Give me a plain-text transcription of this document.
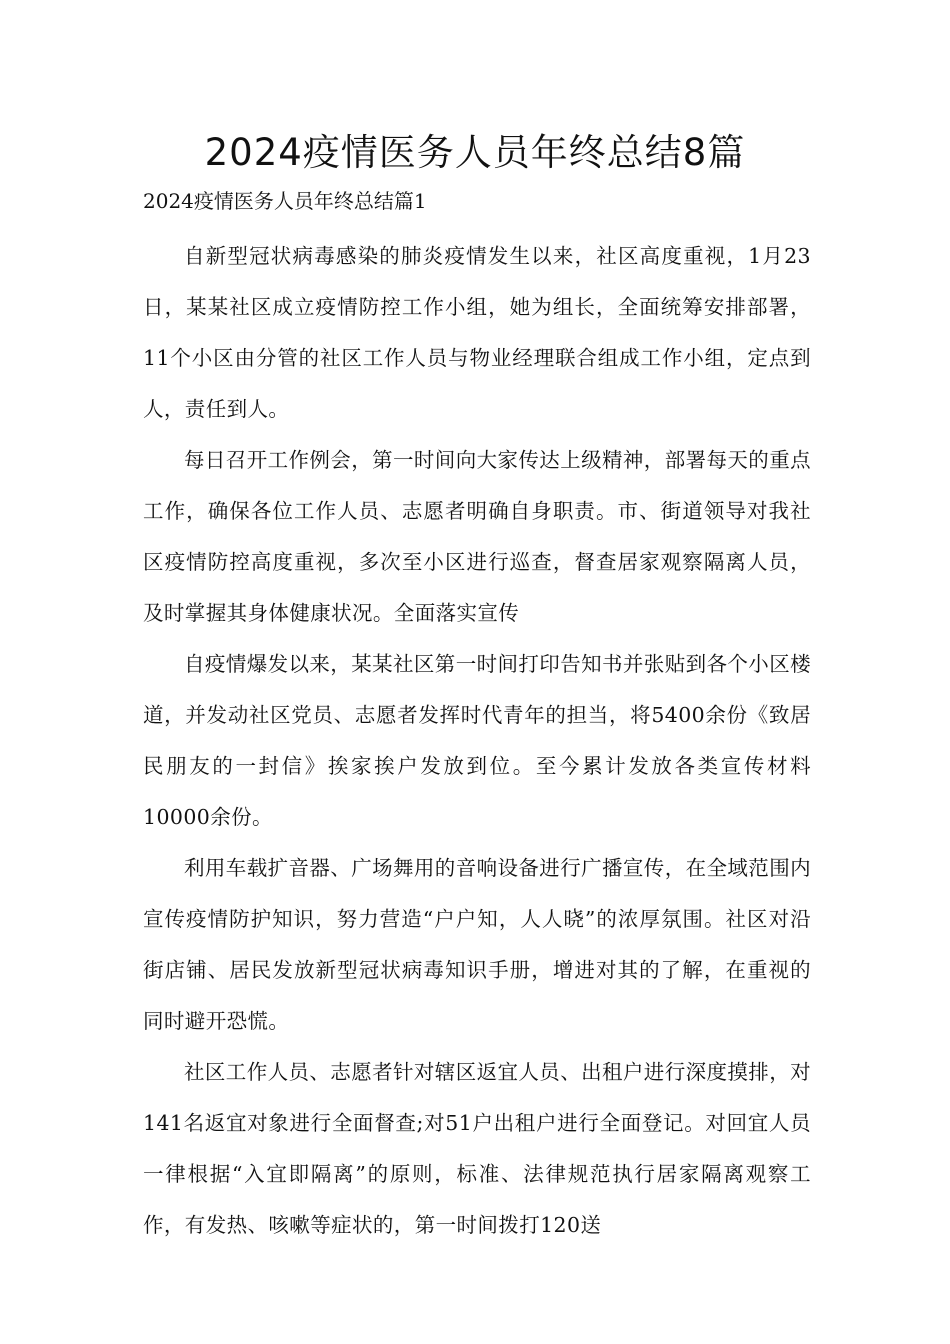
2024疫情医务人员年终总结8篇
2024疫情医务人员年终总结篇1

自新型冠状病毒感染的肺炎疫情发生以来，社区高度重视，1月23日，某某社区成立疫情防控工作小组，她为组长，全面统筹安排部署，11个小区由分管的社区工作人员与物业经理联合组成工作小组，定点到人，责任到人。

每日召开工作例会，第一时间向大家传达上级精神，部署每天的重点工作，确保各位工作人员、志愿者明确自身职责。市、街道领导对我社区疫情防控高度重视，多次至小区进行巡查，督查居家观察隔离人员，及时掌握其身体健康状况。全面落实宣传

自疫情爆发以来，某某社区第一时间打印告知书并张贴到各个小区楼道，并发动社区党员、志愿者发挥时代青年的担当，将5400余份《致居民朋友的一封信》挨家挨户发放到位。至今累计发放各类宣传材料10000余份。

利用车载扩音器、广场舞用的音响设备进行广播宣传，在全域范围内宣传疫情防护知识，努力营造“户户知，人人晓”的浓厚氛围。社区对沿街店铺、居民发放新型冠状病毒知识手册，增进对其的了解，在重视的同时避开恐慌。

社区工作人员、志愿者针对辖区返宜人员、出租户进行深度摸排，对141名返宜对象进行全面督查;对51户出租户进行全面登记。对回宜人员一律根据“入宜即隔离”的原则，标准、法律规范执行居家隔离观察工作，有发热、咳嗽等症状的，第一时间拨打120送
